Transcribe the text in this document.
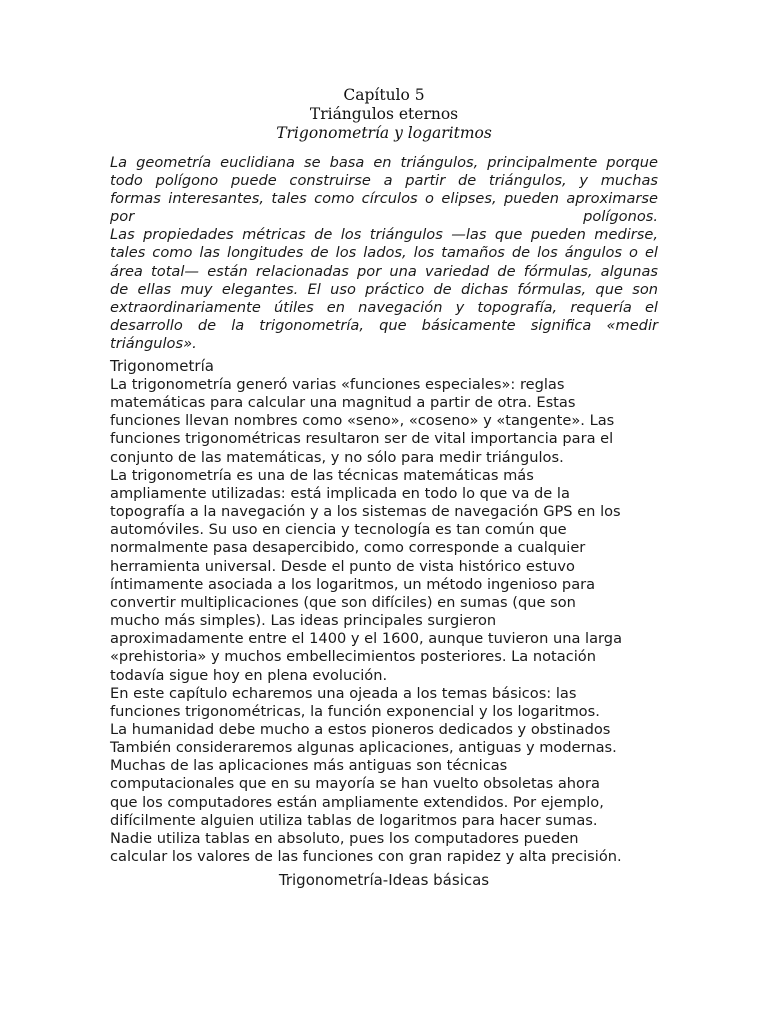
Capítulo 5
Triángulos eternos
Trigonometría y logaritmos
La geometría euclidiana se basa en triángulos, principalmente porque
todo polígono puede construirse a partir de triángulos, y muchas
formas interesantes, tales como círculos o elipses, pueden aproximarse
por polígonos.
Las propiedades métricas de los triángulos —las que pueden medirse,
tales como las longitudes de los lados, los tamaños de los ángulos o el
área total— están relacionadas por una variedad de fórmulas, algunas
de ellas muy elegantes. El uso práctico de dichas fórmulas, que son
extraordinariamente útiles en navegación y topografía, requería el
desarrollo de la trigonometría, que básicamente significa «medir
triángulos».
Trigonometría
La trigonometría generó varias «funciones especiales»: reglas
matemáticas para calcular una magnitud a partir de otra. Estas
funciones llevan nombres como «seno», «coseno» y «tangente». Las
funciones trigonométricas resultaron ser de vital importancia para el
conjunto de las matemáticas, y no sólo para medir triángulos.
La trigonometría es una de las técnicas matemáticas más
ampliamente utilizadas: está implicada en todo lo que va de la
topografía a la navegación y a los sistemas de navegación GPS en los
automóviles. Su uso en ciencia y tecnología es tan común que
normalmente pasa desapercibido, como corresponde a cualquier
herramienta universal. Desde el punto de vista histórico estuvo
íntimamente asociada a los logaritmos, un método ingenioso para
convertir multiplicaciones (que son difíciles) en sumas (que son
mucho más simples). Las ideas principales surgieron
aproximadamente entre el 1400 y el 1600, aunque tuvieron una larga
«prehistoria» y muchos embellecimientos posteriores. La notación
todavía sigue hoy en plena evolución.
En este capítulo echaremos una ojeada a los temas básicos: las
funciones trigonométricas, la función exponencial y los logaritmos.
La humanidad debe mucho a estos pioneros dedicados y obstinados
También consideraremos algunas aplicaciones, antiguas y modernas.
Muchas de las aplicaciones más antiguas son técnicas
computacionales que en su mayoría se han vuelto obsoletas ahora
que los computadores están ampliamente extendidos. Por ejemplo,
difícilmente alguien utiliza tablas de logaritmos para hacer sumas.
Nadie utiliza tablas en absoluto, pues los computadores pueden
calcular los valores de las funciones con gran rapidez y alta precisión.
Trigonometría-Ideas básicas
